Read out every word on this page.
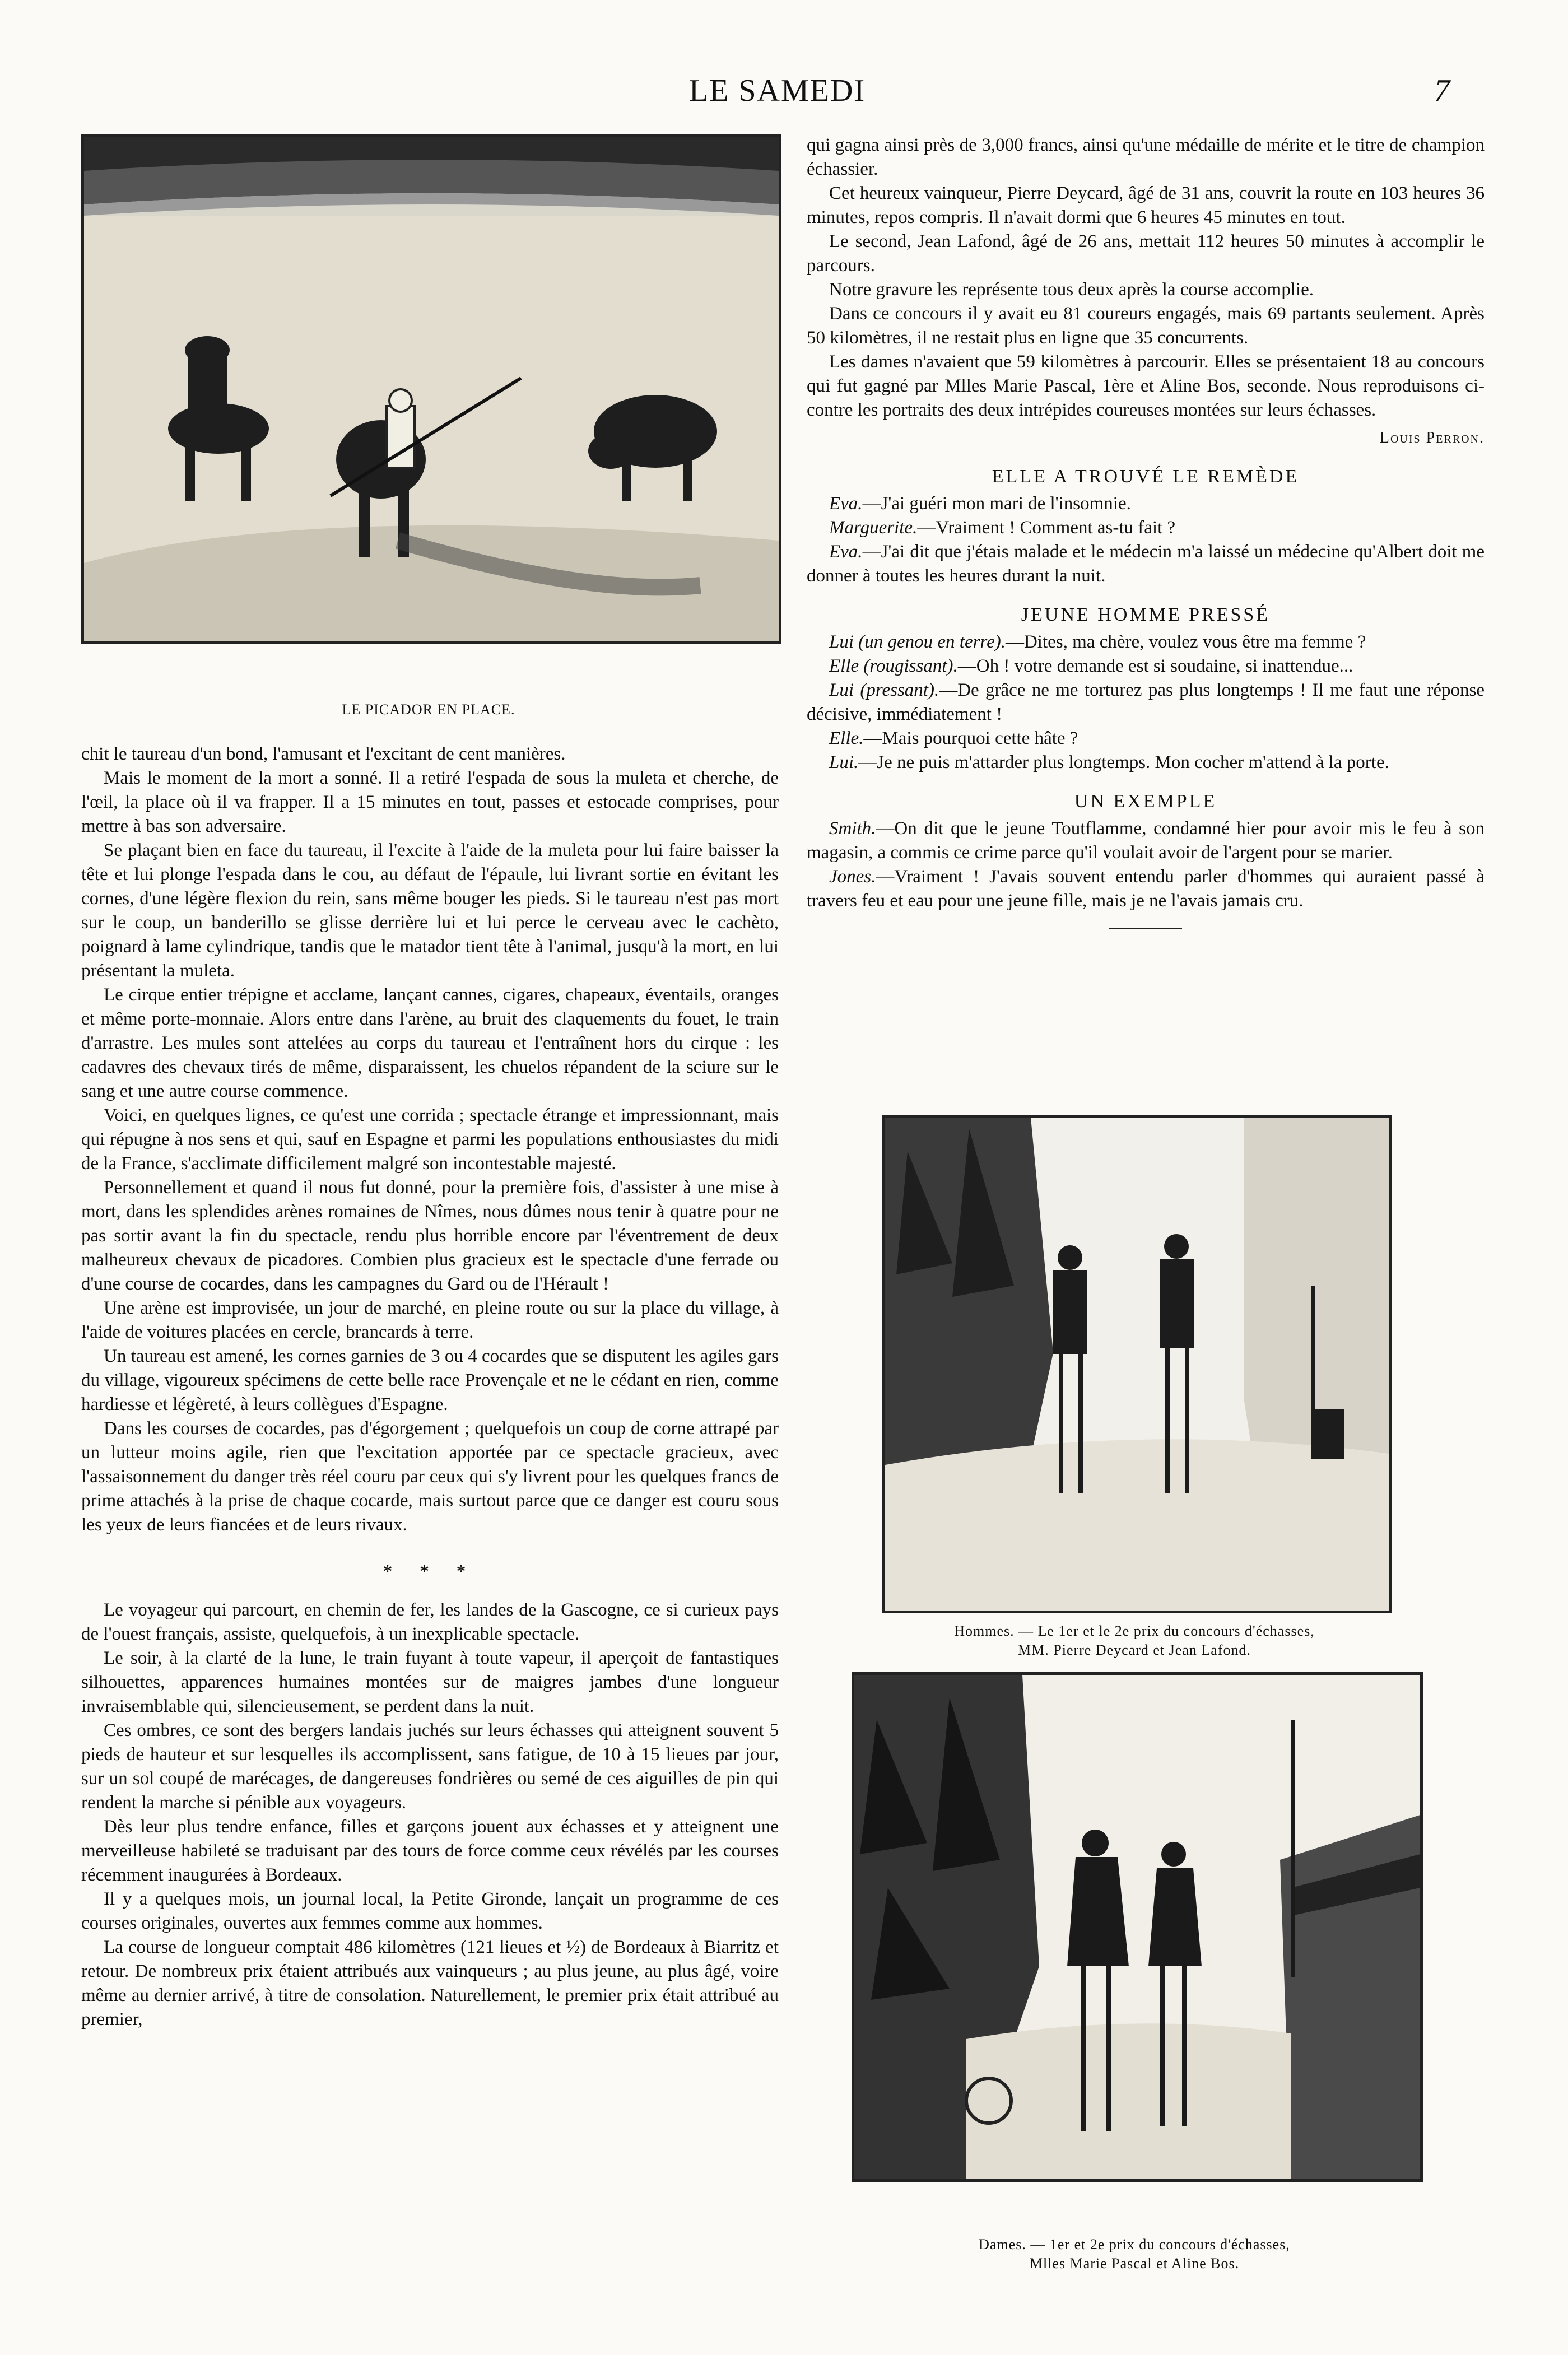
LE SAMEDI	7
LE PICADOR EN PLACE.

chit le taureau d'un bond, l'amusant et l'excitant de cent manières.

Mais le moment de la mort a sonné. Il a retiré l'espada de sous la muleta et cherche, de l'œil, la place où il va frapper. Il a 15 minutes en tout, passes et estocade comprises, pour mettre à bas son adversaire.

Se plaçant bien en face du taureau, il l'excite à l'aide de la muleta pour lui faire baisser la tête et lui plonge l'espada dans le cou, au défaut de l'épaule, lui livrant sortie en évitant les cornes, d'une légère flexion du rein, sans même bouger les pieds. Si le taureau n'est pas mort sur le coup, un banderillo se glisse derrière lui et lui perce le cerveau avec le cachèto, poignard à lame cylindrique, tandis que le matador tient tête à l'animal, jusqu'à la mort, en lui présentant la muleta.

Le cirque entier trépigne et acclame, lançant cannes, cigares, chapeaux, éventails, oranges et même porte-monnaie. Alors entre dans l'arène, au bruit des claquements du fouet, le train d'arrastre. Les mules sont attelées au corps du taureau et l'entraînent hors du cirque : les cadavres des chevaux tirés de même, disparaissent, les chuelos répandent de la sciure sur le sang et une autre course commence.

Voici, en quelques lignes, ce qu'est une corrida ; spectacle étrange et impressionnant, mais qui répugne à nos sens et qui, sauf en Espagne et parmi les populations enthousiastes du midi de la France, s'acclimate difficilement malgré son incontestable majesté.

Personnellement et quand il nous fut donné, pour la première fois, d'assister à une mise à mort, dans les splendides arènes romaines de Nîmes, nous dûmes nous tenir à quatre pour ne pas sortir avant la fin du spectacle, rendu plus horrible encore par l'éventrement de deux malheureux chevaux de picadores. Combien plus gracieux est le spectacle d'une ferrade ou d'une course de cocardes, dans les campagnes du Gard ou de l'Hérault !

Une arène est improvisée, un jour de marché, en pleine route ou sur la place du village, à l'aide de voitures placées en cercle, brancards à terre.

Un taureau est amené, les cornes garnies de 3 ou 4 cocardes que se disputent les agiles gars du village, vigoureux spécimens de cette belle race Provençale et ne le cédant en rien, comme hardiesse et légèreté, à leurs collègues d'Espagne.

Dans les courses de cocardes, pas d'égorgement ; quelquefois un coup de corne attrapé par un lutteur moins agile, rien que l'excitation apportée par ce spectacle gracieux, avec l'assaisonnement du danger très réel couru par ceux qui s'y livrent pour les quelques francs de prime attachés à la prise de chaque cocarde, mais surtout parce que ce danger est couru sous les yeux de leurs fiancées et de leurs rivaux.

* * *

Le voyageur qui parcourt, en chemin de fer, les landes de la Gascogne, ce si curieux pays de l'ouest français, assiste, quelquefois, à un inexplicable spectacle.

Le soir, à la clarté de la lune, le train fuyant à toute vapeur, il aperçoit de fantastiques silhouettes, apparences humaines montées sur de maigres jambes d'une longueur invraisemblable qui, silencieusement, se perdent dans la nuit.

Ces ombres, ce sont des bergers landais juchés sur leurs échasses qui atteignent souvent 5 pieds de hauteur et sur lesquelles ils accomplissent, sans fatigue, de 10 à 15 lieues par jour, sur un sol coupé de marécages, de dangereuses fondrières ou semé de ces aiguilles de pin qui rendent la marche si pénible aux voyageurs.

Dès leur plus tendre enfance, filles et garçons jouent aux échasses et y atteignent une merveilleuse habileté se traduisant par des tours de force comme ceux révélés par les courses récemment inaugurées à Bordeaux.

Il y a quelques mois, un journal local, la Petite Gironde, lançait un programme de ces courses originales, ouvertes aux femmes comme aux hommes.

La course de longueur comptait 486 kilomètres (121 lieues et ½) de Bordeaux à Biarritz et retour. De nombreux prix étaient attribués aux vainqueurs ; au plus jeune, au plus âgé, voire même au dernier arrivé, à titre de consolation. Naturellement, le premier prix était attribué au premier,

qui gagna ainsi près de 3,000 francs, ainsi qu'une médaille de mérite et le titre de champion échassier.

Cet heureux vainqueur, Pierre Deycard, âgé de 31 ans, couvrit la route en 103 heures 36 minutes, repos compris. Il n'avait dormi que 6 heures 45 minutes en tout.

Le second, Jean Lafond, âgé de 26 ans, mettait 112 heures 50 minutes à accomplir le parcours.

Notre gravure les représente tous deux après la course accomplie.

Dans ce concours il y avait eu 81 coureurs engagés, mais 69 partants seulement. Après 50 kilomètres, il ne restait plus en ligne que 35 concurrents.

Les dames n'avaient que 59 kilomètres à parcourir. Elles se présentaient 18 au concours qui fut gagné par Mlles Marie Pascal, 1ère et Aline Bos, seconde. Nous reproduisons ci-contre les portraits des deux intrépides coureuses montées sur leurs échasses.

Louis Perron.
ELLE A TROUVÉ LE REMÈDE

Eva.—J'ai guéri mon mari de l'insomnie.

Marguerite.—Vraiment ! Comment as-tu fait ?

Eva.—J'ai dit que j'étais malade et le médecin m'a laissé un médecine qu'Albert doit me donner à toutes les heures durant la nuit.

JEUNE HOMME PRESSÉ

Lui (un genou en terre).—Dites, ma chère, voulez vous être ma femme ?

Elle (rougissant).—Oh ! votre demande est si soudaine, si inattendue...

Lui (pressant).—De grâce ne me torturez pas plus longtemps ! Il me faut une réponse décisive, immédiatement !

Elle.—Mais pourquoi cette hâte ?

Lui.—Je ne puis m'attarder plus longtemps. Mon cocher m'attend à la porte.

UN EXEMPLE

Smith.—On dit que le jeune Toutflamme, condamné hier pour avoir mis le feu à son magasin, a commis ce crime parce qu'il voulait avoir de l'argent pour se marier.

Jones.—Vraiment ! J'avais souvent entendu parler d'hommes qui auraient passé à travers feu et eau pour une jeune fille, mais je ne l'avais jamais cru.

Hommes. — Le 1er et le 2e prix du concours d'échasses,
MM. Pierre Deycard et Jean Lafond.
Dames. — 1er et 2e prix du concours d'échasses,
Mlles Marie Pascal et Aline Bos.
